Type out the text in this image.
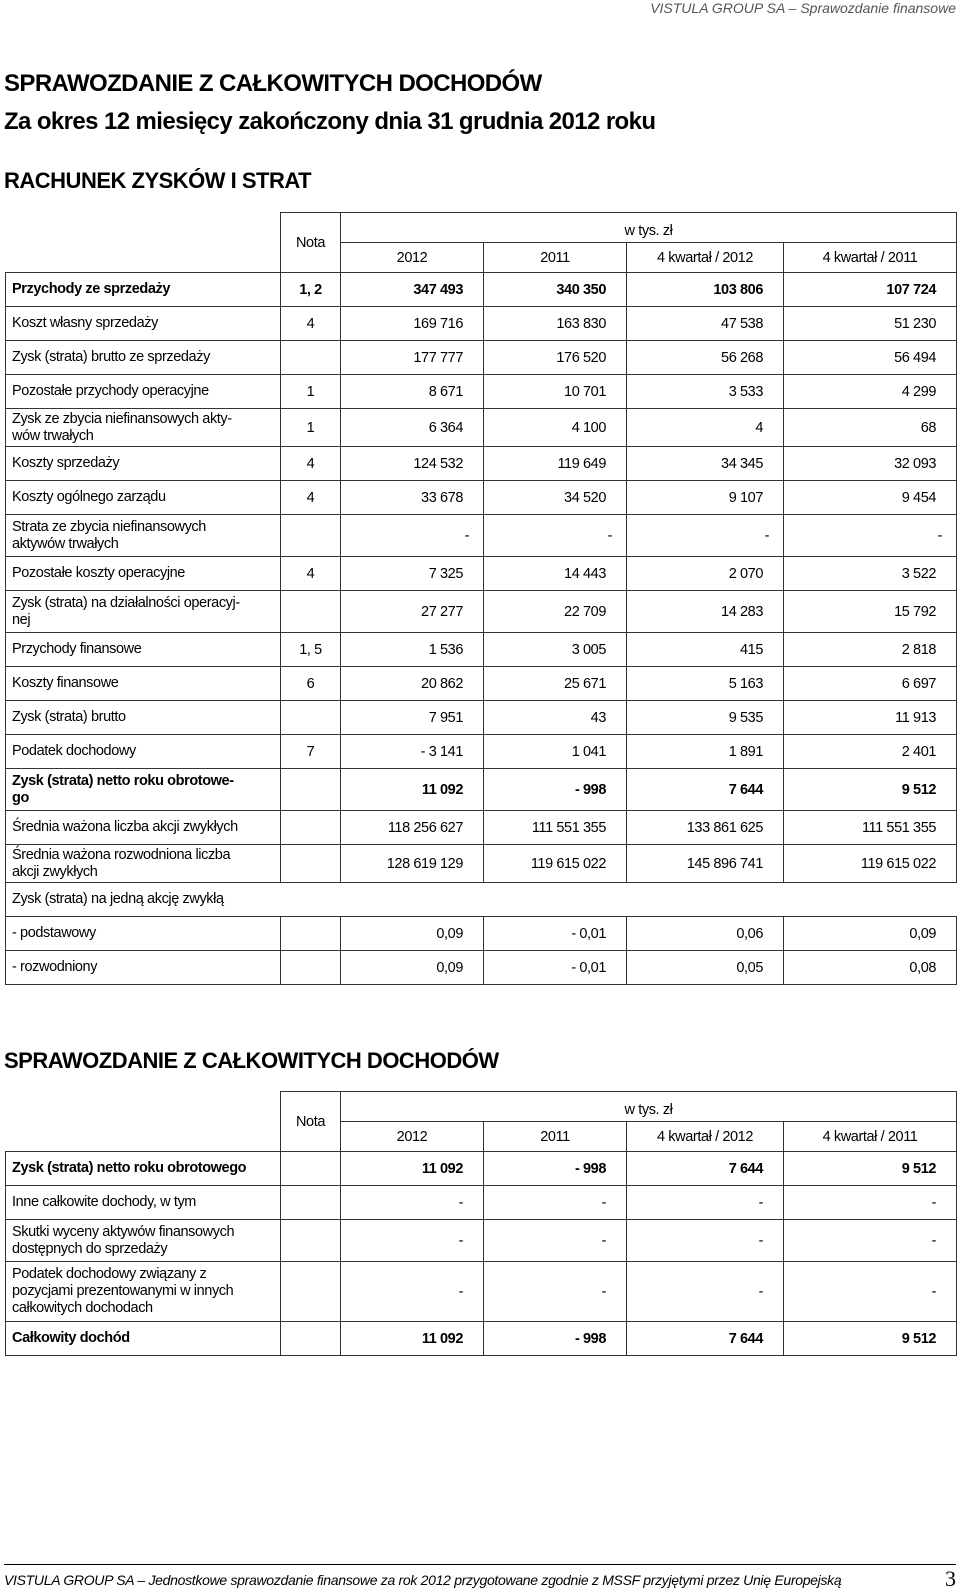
VISTULA GROUP SA – Sprawozdanie finansowe
SPRAWOZDANIE Z CAŁKOWITYCH DOCHODÓW
Za okres 12 miesięcy zakończony dnia 31 grudnia 2012 roku
RACHUNEK ZYSKÓW I STRAT
	Nota	w tys. zł			
		2012	2011	4 kwartał / 2012	4 kwartał / 2011
Przychody ze sprzedaży	1, 2	347 493	340 350	103 806	107 724
Koszt własny sprzedaży	4	169 716	163 830	47 538	51 230
Zysk (strata) brutto ze sprzedaży		177 777	176 520	56 268	56 494
Pozostałe przychody operacyjne	1	8 671	10 701	3 533	4 299
Zysk ze zbycia niefinansowych akty-
wów trwałych	1	6 364	4 100	4	68
Koszty sprzedaży	4	124 532	119 649	34 345	32 093
Koszty ogólnego zarządu	4	33 678	34 520	9 107	9 454
Strata ze zbycia niefinansowych
aktywów trwałych		-	-	-	-
Pozostałe koszty operacyjne	4	7 325	14 443	2 070	3 522
Zysk (strata) na działalności operacyj-
nej		27 277	22 709	14 283	15 792
Przychody finansowe	1, 5	1 536	3 005	415	2 818
Koszty finansowe	6	20 862	25 671	5 163	6 697
Zysk (strata) brutto		7 951	43	9 535	11 913
Podatek dochodowy	7	- 3 141	1 041	1 891	2 401
Zysk (strata) netto roku obrotowe-
go		11 092	- 998	7 644	9 512
Średnia ważona liczba akcji zwykłych		118 256 627	111 551 355	133 861 625	111 551 355
Średnia ważona rozwodniona liczba
akcji zwykłych		128 619 129	119 615 022	145 896 741	119 615 022
Zysk (strata) na jedną akcję zwykłą					
- podstawowy		0,09	- 0,01	0,06	0,09
- rozwodniony		0,09	- 0,01	0,05	0,08
SPRAWOZDANIE Z CAŁKOWITYCH DOCHODÓW
	Nota	w tys. zł			
		2012	2011	4 kwartał / 2012	4 kwartał / 2011
Zysk (strata) netto roku obrotowego		11 092	- 998	7 644	9 512
Inne całkowite dochody, w tym		-	-	-	-
Skutki wyceny aktywów finansowych
dostępnych do sprzedaży		-	-	-	-
Podatek dochodowy związany z
pozycjami prezentowanymi w innych
całkowitych dochodach		-	-	-	-
Całkowity dochód		11 092	- 998	7 644	9 512
VISTULA GROUP SA – Jednostkowe sprawozdanie finansowe za rok 2012 przygotowane zgodnie z MSSF przyjętymi przez Unię Europejską	3
